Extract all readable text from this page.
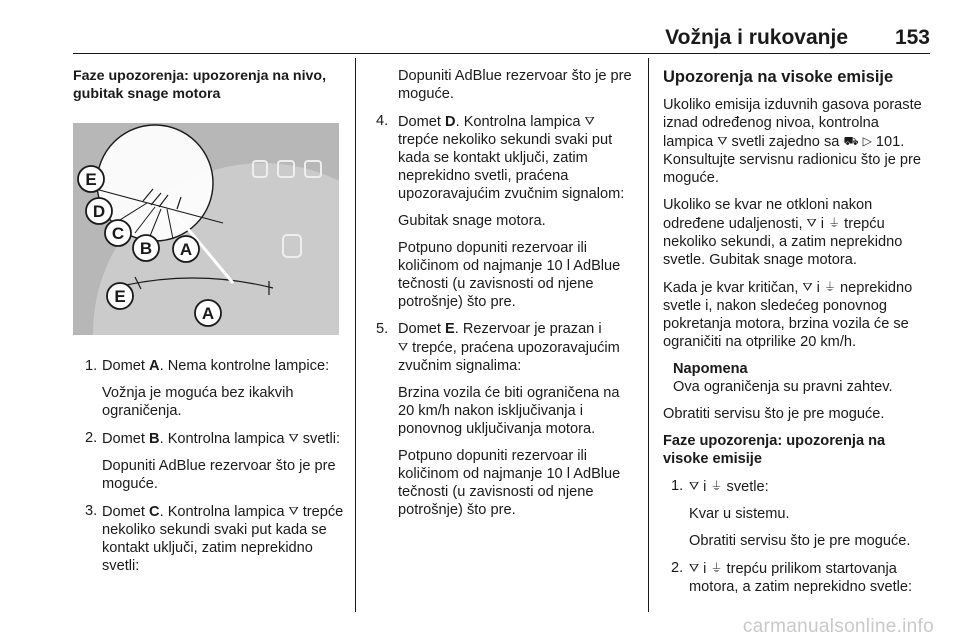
Vožnja i rukovanje 153

Faze upozorenja: upozorenja na nivo, gubitak snage motora

E
D
C
B A
E
A
1. Domet A. Nema kontrolne lampice:

Vožnja je moguća bez ikakvih ograničenja.

2. Domet B. Kontrolna lampica ⛛ svetli:

Dopuniti AdBlue rezervoar što je pre moguće.

3. Domet C. Kontrolna lampica ⛛ trepće nekoliko sekundi svaki put kada se kontakt uključi, zatim neprekidno svetli:

Dopuniti AdBlue rezervoar što je pre moguće.

4. Domet D. Kontrolna lampica ⛛ trepće nekoliko sekundi svaki put kada se kontakt uključi, zatim neprekidno svetli, praćena upozoravajućim zvučnim signalom:

Gubitak snage motora.

Potpuno dopuniti rezervoar ili količinom od najmanje 10 l AdBlue tečnosti (u zavisnosti od njene potrošnje) što pre.

5. Domet E. Rezervoar je prazan i
⛛ trepće, praćena upozoravajućim zvučnim signalima:

Brzina vozila će biti ograničena na 20 km/h nakon isključivanja i ponovnog uključivanja motora.

Potpuno dopuniti rezervoar ili količinom od najmanje 10 l AdBlue tečnosti (u zavisnosti od njene potrošnje) što pre.

Upozorenja na visoke emisije

Ukoliko emisija izduvnih gasova poraste iznad određenog nivoa, kontrolna lampica ⛛ svetli zajedno sa ⛟ ▷ 101. Konsultujte servisnu radionicu što je pre moguće.

Ukoliko se kvar ne otkloni nakon određene udaljenosti, ⛛ i ⏚ trepću nekoliko sekundi, a zatim neprekidno svetle. Gubitak snage motora.

Kada je kvar kritičan, ⛛ i ⏚ neprekidno svetle i, nakon sledećeg ponovnog pokretanja motora, brzina vozila će se ograničiti na otprilike 20 km/h.

Napomena
Ova ograničenja su pravni zahtev.

Obratiti servisu što je pre moguće.

Faze upozorenja: upozorenja na visoke emisije

1. ⛛ i ⏚ svetle:

Kvar u sistemu.

Obratiti servisu što je pre moguće.

2. ⛛ i ⏚ trepću prilikom startovanja motora, a zatim neprekidno svetle:

carmanualsonline.info
